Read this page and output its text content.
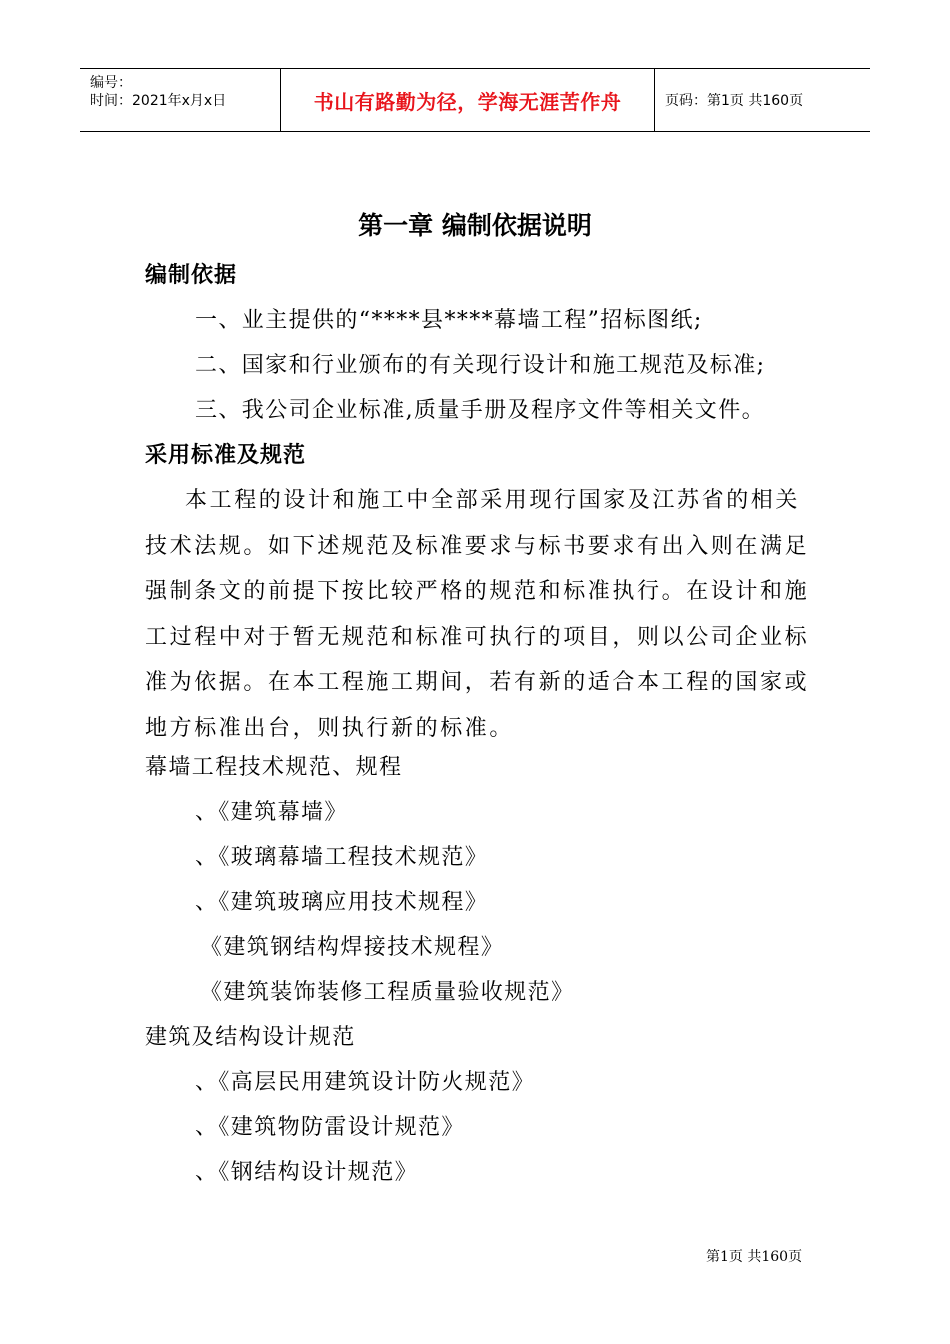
编号：
时间：2021年x月x日	书山有路勤为径，学海无涯苦作舟	页码：第1页 共160页
第一章 编制依据说明
编制依据
一、业主提供的“****县****幕墙工程”招标图纸;
二、国家和行业颁布的有关现行设计和施工规范及标准;
三、我公司企业标准,质量手册及程序文件等相关文件。
采用标准及规范
本工程的设计和施工中全部采用现行国家及江苏省的相关技术法规。如下述规范及标准要求与标书要求有出入则在满足强制条文的前提下按比较严格的规范和标准执行。在设计和施工过程中对于暂无规范和标准可执行的项目，则以公司企业标准为依据。在本工程施工期间，若有新的适合本工程的国家或地方标准出台，则执行新的标准。
幕墙工程技术规范、规程
、《建筑幕墙》
、《玻璃幕墙工程技术规范》
、《建筑玻璃应用技术规程》
《建筑钢结构焊接技术规程》
《建筑装饰装修工程质量验收规范》
建筑及结构设计规范
、《高层民用建筑设计防火规范》
、《建筑物防雷设计规范》
、《钢结构设计规范》
第1页 共160页
